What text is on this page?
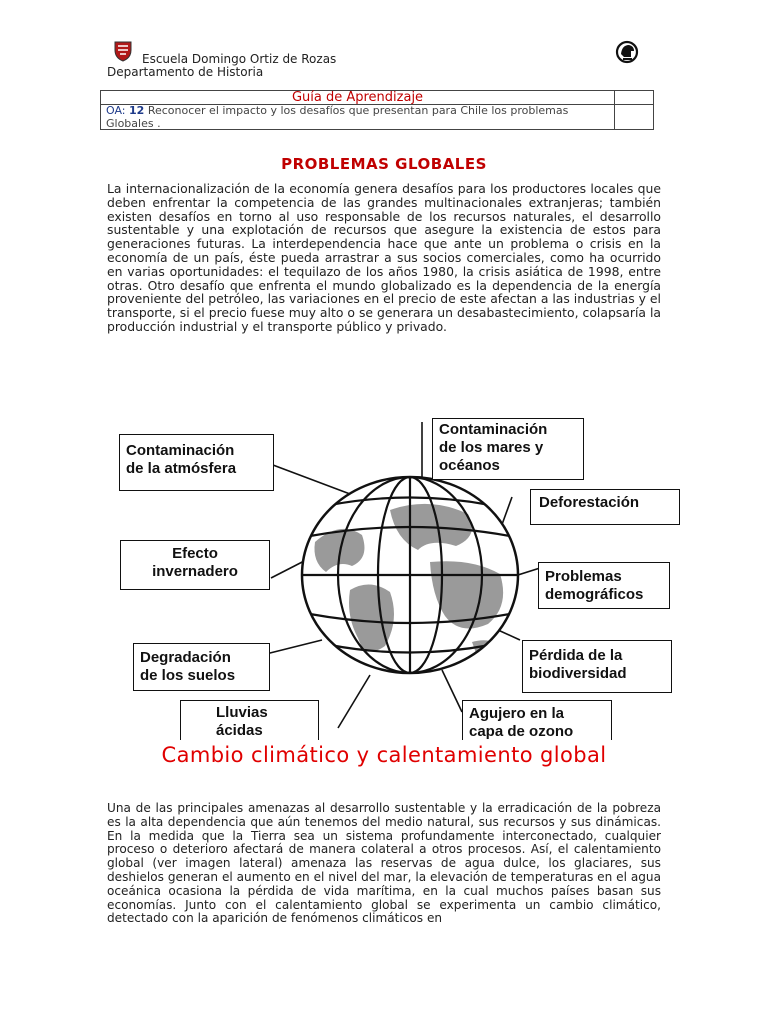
Escuela Domingo Ortiz de Rozas
Departamento de Historia
Guía de Aprendizaje
OA: 12 Reconocer el impacto y los desafíos que presentan para Chile los problemas Globales .
PROBLEMAS GLOBALES
La internacionalización de la economía genera desafíos para los productores locales que deben enfrentar la competencia de las grandes multinacionales extranjeras; también existen desafíos en torno al uso responsable de los recursos naturales, el desarrollo sustentable y una explotación de recursos que asegure la existencia de estos para generaciones futuras. La interdependencia hace que ante un problema o crisis en la economía de un país, éste pueda arrastrar a sus socios comerciales, como ha ocurrido en varias oportunidades: el tequilazo de los años 1980, la crisis asiática de 1998, entre otras. Otro desafío que enfrenta el mundo globalizado es la dependencia de la energía proveniente del petróleo, las variaciones en el precio de este afectan a las industrias y el transporte, si el precio fuese muy alto o se generara un desabastecimiento, colapsaría la producción industrial y el transporte público y privado.
Contaminación
de la atmósfera
Contaminación
de los mares y
océanos
Deforestación
Efecto
invernadero	Problemas
demográficos
Degradación
de los suelos
Pérdida de la
biodiversidad
Lluvias
ácidas
Agujero en la
capa de ozono
Cambio climático y calentamiento global
Una de las principales amenazas al desarrollo sustentable y la erradicación de la pobreza es la alta dependencia que aún tenemos del medio natural, sus recursos y sus dinámicas. En la medida que la Tierra sea un sistema profundamente interconectado, cualquier proceso o deterioro afectará de manera colateral a otros procesos. Así, el calentamiento global (ver imagen lateral) amenaza las reservas de agua dulce, los glaciares, sus deshielos generan el aumento en el nivel del mar, la elevación de temperaturas en el agua oceánica ocasiona la pérdida de vida marítima, en la cual muchos países basan sus economías. Junto con el calentamiento global se experimenta un cambio climático, detectado con la aparición de fenómenos climáticos en
